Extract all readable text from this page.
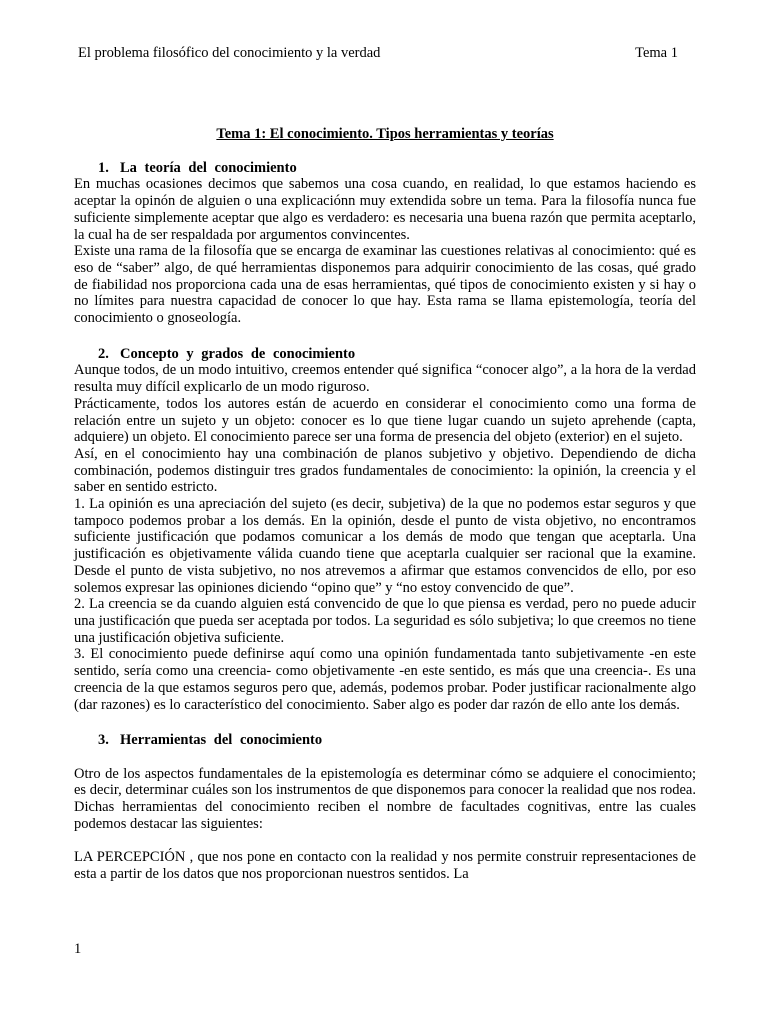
El problema filosófico del conocimiento y la verdad	Tema 1

Tema 1: El conocimiento. Tipos herramientas y teorías

1. La teoría del conocimiento

En muchas ocasiones decimos que sabemos una cosa cuando, en realidad, lo que estamos haciendo es aceptar la opinón de alguien o una explicaciónn muy extendida sobre un tema. Para la filosofía nunca fue suficiente simplemente aceptar que algo es verdadero: es necesaria una buena razón que permita aceptarlo, la cual ha de ser respaldada por argumentos convincentes.

Existe una rama de la filosofía que se encarga de examinar las cuestiones relativas al conocimiento: qué es eso de “saber” algo, de qué herramientas disponemos para adquirir conocimiento de las cosas, qué grado de fiabilidad nos proporciona cada una de esas herramientas, qué tipos de conocimiento existen y si hay o no límites para nuestra capacidad de conocer lo que hay. Esta rama se llama epistemología, teoría del conocimiento o gnoseología.

2. Concepto y grados de conocimiento

Aunque todos, de un modo intuitivo, creemos entender qué significa “conocer algo”, a la hora de la verdad resulta muy difícil explicarlo de un modo riguroso.

Prácticamente, todos los autores están de acuerdo en considerar el conocimiento como una forma de relación entre un sujeto y un objeto: conocer es lo que tiene lugar cuando un sujeto aprehende (capta, adquiere) un objeto. El conocimiento parece ser una forma de presencia del objeto (exterior) en el sujeto.

Así, en el conocimiento hay una combinación de planos subjetivo y objetivo. Dependiendo de dicha combinación, podemos distinguir tres grados fundamentales de conocimiento: la opinión, la creencia y el saber en sentido estricto.

1. La opinión es una apreciación del sujeto (es decir, subjetiva) de la que no podemos estar seguros y que tampoco podemos probar a los demás. En la opinión, desde el punto de vista objetivo, no encontramos suficiente justificación que podamos comunicar a los demás de modo que tengan que aceptarla. Una justificación es objetivamente válida cuando tiene que aceptarla cualquier ser racional que la examine. Desde el punto de vista subjetivo, no nos atrevemos a afirmar que estamos convencidos de ello, por eso solemos expresar las opiniones diciendo “opino que” y “no estoy convencido de que”.

2. La creencia se da cuando alguien está convencido de que lo que piensa es verdad, pero no puede aducir una justificación que pueda ser aceptada por todos. La seguridad es sólo subjetiva; lo que creemos no tiene una justificación objetiva suficiente.

3. El conocimiento puede definirse aquí como una opinión fundamentada tanto subjetivamente -en este sentido, sería como una creencia- como objetivamente -en este sentido, es más que una creencia-. Es una creencia de la que estamos seguros pero que, además, podemos probar. Poder justificar racionalmente algo (dar razones) es lo característico del conocimiento. Saber algo es poder dar razón de ello ante los demás.

3. Herramientas del conocimiento

Otro de los aspectos fundamentales de la epistemología es determinar cómo se adquiere el conocimiento; es decir, determinar cuáles son los instrumentos de que disponemos para conocer la realidad que nos rodea. Dichas herramientas del conocimiento reciben el nombre de facultades cognitivas, entre las cuales podemos destacar las siguientes:

LA PERCEPCIÓN , que nos pone en contacto con la realidad y nos permite construir representaciones de esta a partir de los datos que nos proporcionan nuestros sentidos. La

1
